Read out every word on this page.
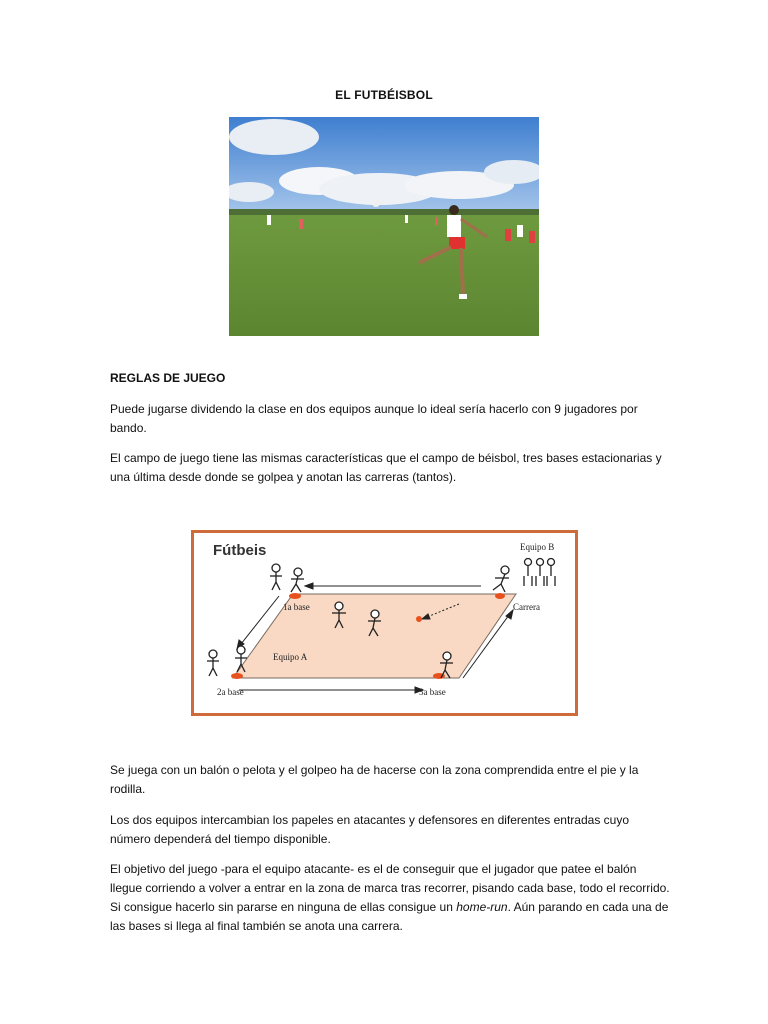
EL FUTBÉISBOL
REGLAS DE JUEGO
Puede jugarse dividendo la clase en dos equipos aunque lo ideal sería hacerlo con 9 jugadores por bando.
El campo de juego tiene las mismas características que el campo de béisbol, tres bases estacionarias y una última desde donde se golpea y anotan las carreras (tantos).
Fútbeis	Equipo B
1a base	Carrera
Equipo A
2a base	3a base
Se juega con un balón o pelota y el golpeo ha de hacerse con la zona comprendida entre el pie y la rodilla.
Los dos equipos intercambian los papeles en atacantes y defensores en diferentes entradas cuyo número dependerá del tiempo disponible.
El objetivo del juego -para el equipo atacante- es el de conseguir que el jugador que patee el balón llegue corriendo a volver a entrar en la zona de marca tras recorrer, pisando cada base, todo el recorrido. Si consigue hacerlo sin pararse en ninguna de ellas consigue un home-run. Aún parando en cada una de las bases si llega al final también se anota una carrera.
